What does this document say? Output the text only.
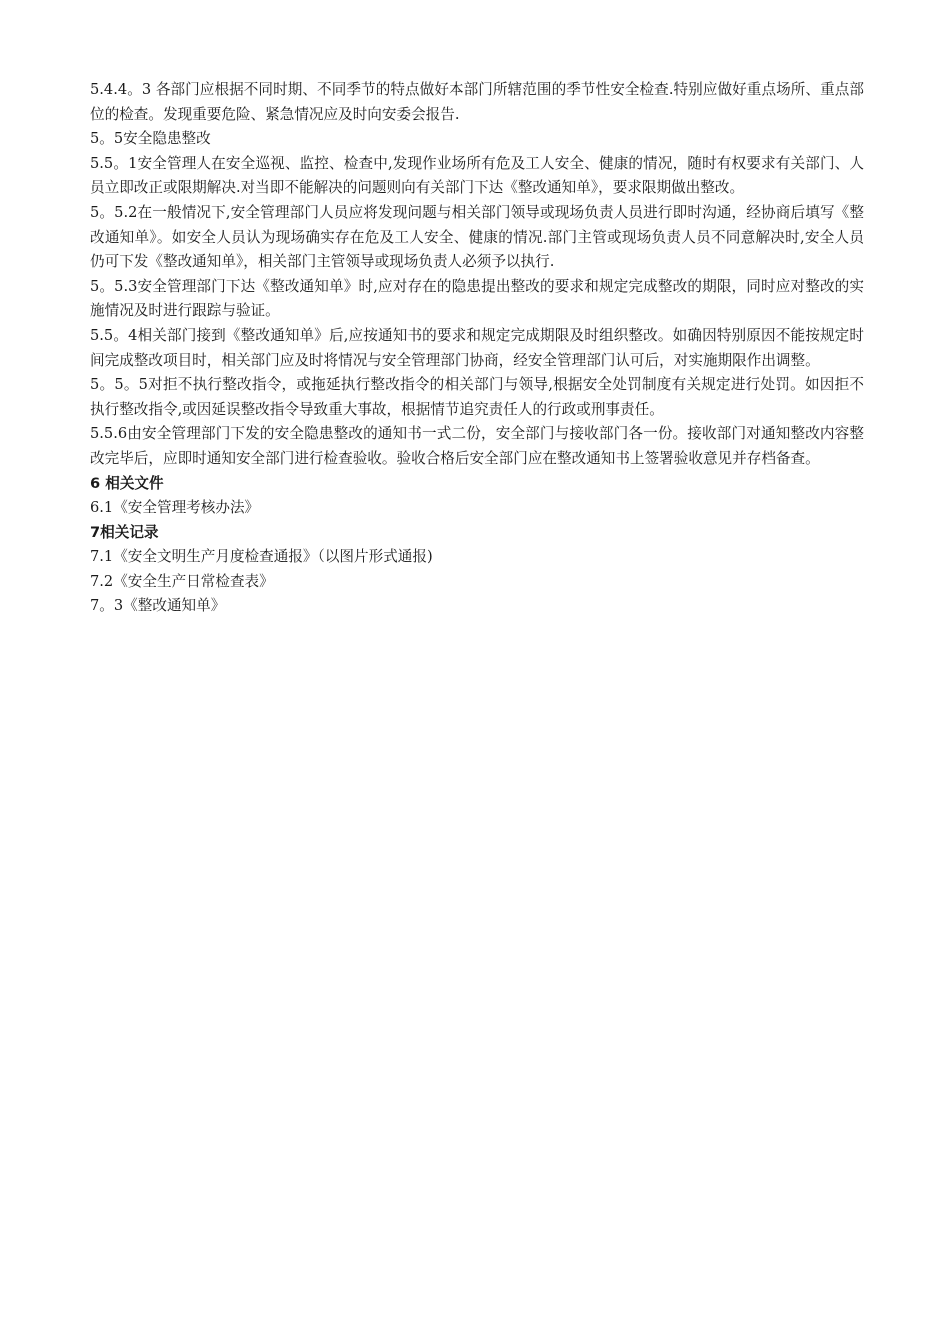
5.4.4。3 各部门应根据不同时期、不同季节的特点做好本部门所辖范围的季节性安全检查.特别应做好重点场所、重点部位的检查。发现重要危险、紧急情况应及时向安委会报告.

5。5安全隐患整改

5.5。1安全管理人在安全巡视、监控、检查中,发现作业场所有危及工人安全、健康的情况，随时有权要求有关部门、人员立即改正或限期解决.对当即不能解决的问题则向有关部门下达《整改通知单》，要求限期做出整改。

5。5.2在一般情况下,安全管理部门人员应将发现问题与相关部门领导或现场负责人员进行即时沟通，经协商后填写《整改通知单》。如安全人员认为现场确实存在危及工人安全、健康的情况.部门主管或现场负责人员不同意解决时,安全人员仍可下发《整改通知单》，相关部门主管领导或现场负责人必须予以执行.

5。5.3安全管理部门下达《整改通知单》时,应对存在的隐患提出整改的要求和规定完成整改的期限，同时应对整改的实施情况及时进行跟踪与验证。

5.5。4相关部门接到《整改通知单》后,应按通知书的要求和规定完成期限及时组织整改。如确因特别原因不能按规定时间完成整改项目时，相关部门应及时将情况与安全管理部门协商，经安全管理部门认可后，对实施期限作出调整。

5。5。5对拒不执行整改指令，或拖延执行整改指令的相关部门与领导,根据安全处罚制度有关规定进行处罚。如因拒不执行整改指令,或因延误整改指令导致重大事故，根据情节追究责任人的行政或刑事责任。

5.5.6由安全管理部门下发的安全隐患整改的通知书一式二份，安全部门与接收部门各一份。接收部门对通知整改内容整改完毕后，应即时通知安全部门进行检查验收。验收合格后安全部门应在整改通知书上签署验收意见并存档备查。

6 相关文件

6.1《安全管理考核办法》

7相关记录

7.1《安全文明生产月度检查通报》（以图片形式通报)

7.2《安全生产日常检查表》

7。3《整改通知单》
